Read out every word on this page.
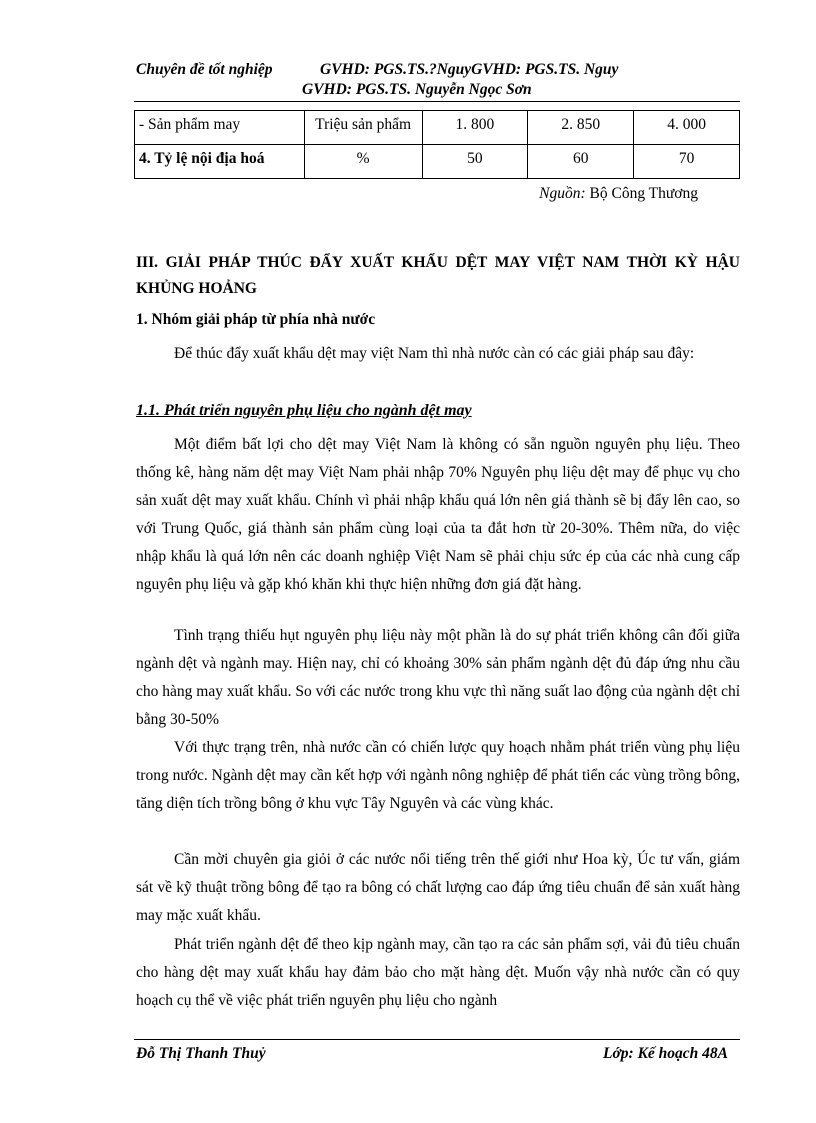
Chuyên đề tốt nghiệp	GVHD: PGS.TS.?NguyGVHD: PGS.TS. Nguy
GVHD: PGS.TS. Nguyễn Ngọc Sơn
- Sản phẩm may	Triệu sản phẩm	1. 800	2. 850	4. 000
4. Tỷ lệ nội địa hoá	%	50	60	70
Nguồn: Bộ Công Thương
III. GIẢI PHÁP THÚC ĐẨY XUẤT KHẨU DỆT MAY VIỆT NAM THỜI KỲ HẬU KHỦNG HOẢNG
1. Nhóm giải pháp từ phía nhà nước
Để thúc đẩy xuất khẩu dệt may việt Nam thì nhà nước càn có các giải pháp sau đây:
1.1. Phát triển nguyên phụ liệu cho ngành dệt may
Một điểm bất lợi cho dệt may Việt Nam là không có sẵn nguồn nguyên phụ liệu. Theo thống kê, hàng năm dệt may Việt Nam phải nhập 70% Nguyên phụ liệu dệt may để phục vụ cho sản xuất dệt may xuất khẩu. Chính vì phải nhập khẩu quá lớn nên giá thành sẽ bị đẩy lên cao, so với Trung Quốc, giá thành sản phẩm cùng loại của ta đắt hơn từ 20-30%. Thêm nữa, do việc nhập khẩu là quá lớn nên các doanh nghiệp Việt Nam sẽ phải chịu sức ép của các nhà cung cấp nguyên phụ liệu và gặp khó khăn khi thực hiện những đơn giá đặt hàng.
Tình trạng thiếu hụt nguyên phụ liệu này một phần là do sự phát triển không cân đối giữa ngành dệt và ngành may. Hiện nay, chỉ có khoảng 30% sản phẩm ngành dệt đủ đáp ứng nhu cầu cho hàng may xuất khẩu. So với các nước trong khu vực thì năng suất lao động của ngành dệt chỉ bằng 30-50%
Với thực trạng trên, nhà nước cần có chiến lược quy hoạch nhằm phát triển vùng phụ liệu trong nước. Ngành dệt may cần kết hợp với ngành nông nghiệp để phát tiển các vùng trồng bông, tăng diện tích trồng bông ở khu vực Tây Nguyên và các vùng khác.
Cần mời chuyên gia giỏi ở các nước nổi tiếng trên thế giới như Hoa kỳ, Úc tư vấn, giám sát về kỹ thuật trồng bông để tạo ra bông có chất lượng cao đáp ứng tiêu chuẩn để sản xuất hàng may mặc xuất khẩu.
Phát triển ngành dệt để theo kịp ngành may, cần tạo ra các sản phẩm sợi, vải đủ tiêu chuẩn cho hàng dệt may xuất khẩu hay đảm bảo cho mặt hàng dệt. Muốn vậy nhà nước cần có quy hoạch cụ thể về việc phát triển nguyên phụ liệu cho ngành
Đỗ Thị Thanh Thuỷ	Lớp: Kế hoạch 48A
